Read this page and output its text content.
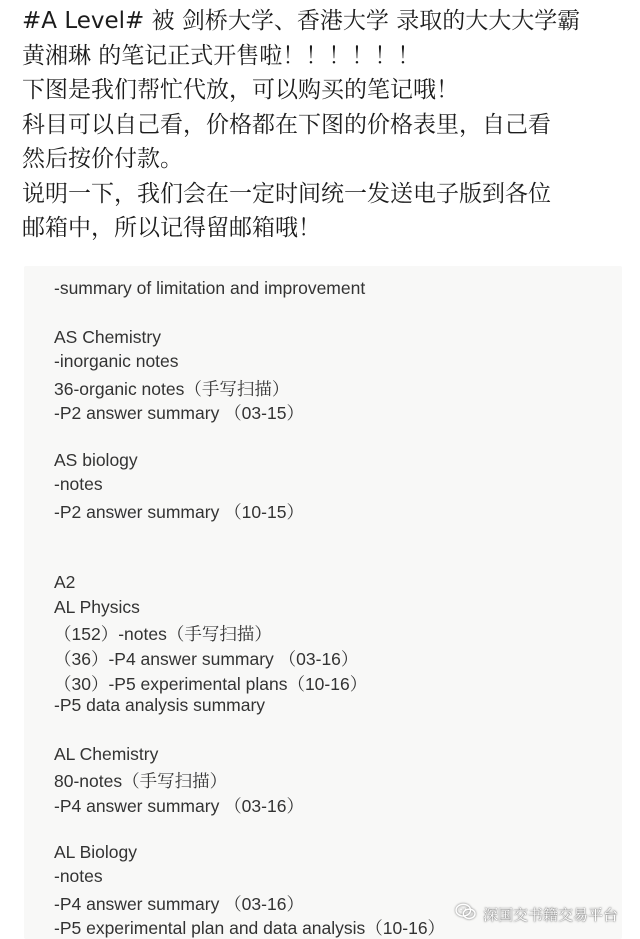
#A Level# 被 剑桥大学、香港大学 录取的大大大学霸
黄湘琳 的笔记正式开售啦！！！！！！
下图是我们帮忙代放，可以购买的笔记哦！
科目可以自己看，价格都在下图的价格表里，自己看
然后按价付款。
说明一下，我们会在一定时间统一发送电子版到各位
邮箱中，所以记得留邮箱哦！
-summary of limitation and improvement
AS Chemistry
-inorganic notes
36-organic notes（手写扫描）
-P2 answer summary （03-15）
AS biology
-notes
-P2 answer summary （10-15）
A2
AL Physics
（152）-notes（手写扫描）
（36）-P4 answer summary （03-16）
（30）-P5 experimental plans（10-16）
-P5 data analysis summary
AL Chemistry
80-notes（手写扫描）
-P4 answer summary （03-16）
AL Biology
-notes
-P4 answer summary （03-16）
-P5 experimental plan and data analysis（10-16）
深国交书籍交易平台
